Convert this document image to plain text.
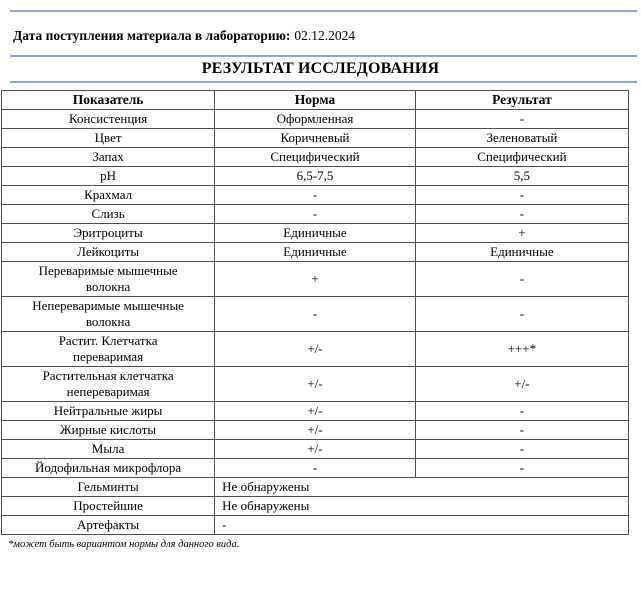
Дата поступления материала в лабораторию: 02.12.2024

РЕЗУЛЬТАТ ИССЛЕДОВАНИЯ
Показатель	Норма	Результат
Консистенция	Оформленная	-
Цвет	Коричневый	Зеленоватый
Запах	Специфический	Специфический
pH	6,5-7,5	5,5
Крахмал	-	-
Слизь	-	-
Эритроциты	Единичные	+
Лейкоциты	Единичные	Единичные
Переваримые мышечные
волокна	+	-
Непереваримые мышечные
волокна	-	-
Растит. Клетчатка
переваримая	+/-	+++*
Растительная клетчатка
непереваримая	+/-	+/-
Нейтральные жиры	+/-	-
Жирные кислоты	+/-	-
Мыла	+/-	-
Йодофильная микрофлора	-	-
Гельминты	Не обнаружены	
Простейшие	Не обнаружены	
Артефакты	-	

*может быть вариантом нормы для данного вида.
